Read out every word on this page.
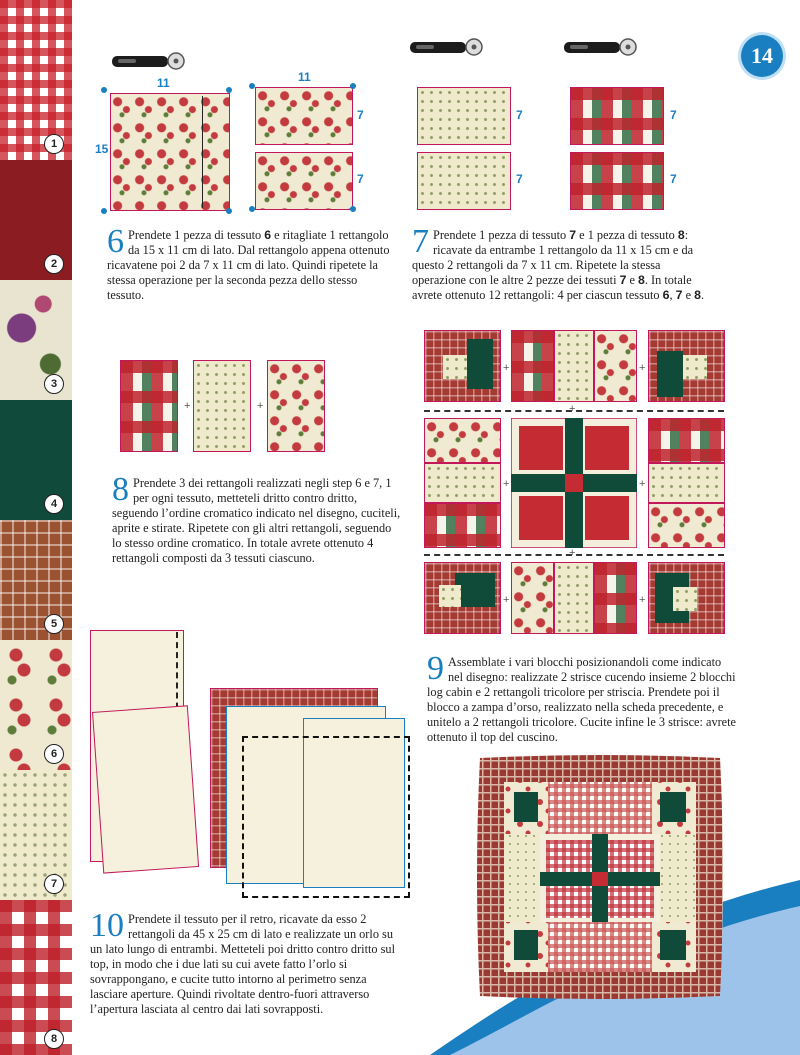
1
2
3
4
5
6
7
8
14
11
15
11
7
7
7
7
7
7
6 Prendete 1 pezza di tessuto 6 e ritagliate 1 rettangolo da 15 x 11 cm di lato. Dal rettangolo appena ottenuto ricavatene poi 2 da 7 x 11 cm di lato. Quindi ripetete la stessa operazione per la seconda pezza dello stesso tessuto.
7 Prendete 1 pezza di tessuto 7 e 1 pezza di tessuto 8: ricavate da entrambe 1 rettangolo da 11 x 15 cm e da questo 2 rettangoli da 7 x 11 cm. Ripetete la stessa operazione con le altre 2 pezze dei tessuti 7 e 8. In totale avrete ottenuto 12 rettangoli: 4 per ciascun tessuto 6, 7 e 8.
+	+
8 Prendete 3 dei rettangoli realizzati negli step 6 e 7, 1 per ogni tessuto, metteteli dritto contro dritto, seguendo l’ordine cromatico indicato nel disegno, cuciteli, aprite e stirate. Ripetete con gli altri rettangoli, seguendo lo stesso ordine cromatico. In totale avrete ottenuto 4 rettangoli composti da 3 tessuti ciascuno.
+	+
+
+	+
+
+	+
9 Assemblate i vari blocchi posizionandoli come indicato nel disegno: realizzate 2 strisce cucendo insieme 2 blocchi log cabin e 2 rettangoli tricolore per striscia. Prendete poi il blocco a zampa d’orso, realizzato nella scheda precedente, e unitelo a 2 rettangoli tricolore. Cucite infine le 3 strisce: avrete ottenuto il top del cuscino.
10 Prendete il tessuto per il retro, ricavate da esso 2 rettangoli da 45 x 25 cm di lato e realizzate un orlo su un lato lungo di entrambi. Metteteli poi dritto contro dritto sul top, in modo che i due lati su cui avete fatto l’orlo si sovrappongano, e cucite tutto intorno al perimetro senza lasciare aperture. Quindi rivoltate dentro-fuori attraverso l’apertura lasciata al centro dai lati sovrapposti.
